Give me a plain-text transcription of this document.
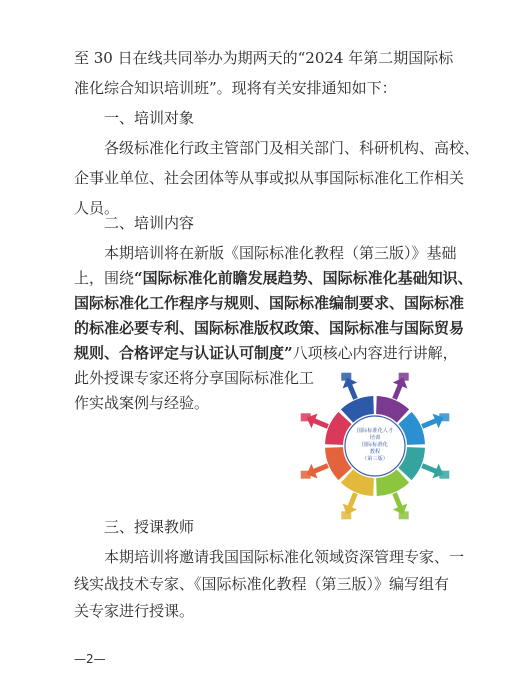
至 30 日在线共同举办为期两天的“2024 年第二期国际标
准化综合知识培训班”。现将有关安排通知如下：
一、培训对象
各级标准化行政主管部门及相关部门、科研机构、高校、
企事业单位、社会团体等从事或拟从事国际标准化工作相关
人员。
二、培训内容
本期培训将在新版《国际标准化教程（第三版）》基础
上，围绕“国际标准化前瞻发展趋势、国际标准化基础知识、
国际标准化工作程序与规则、国际标准编制要求、国际标准
的标准必要专利、国际标准版权政策、国际标准与国际贸易
规则、合格评定与认证认可制度”八项核心内容进行讲解，
此外授课专家还将分享国际标准化工
作实战案例与经验。
国际标准化人才
培训
国际标准化
教程
（第三版）
三、授课教师
本期培训将邀请我国国际标准化领域资深管理专家、一
线实战技术专家、《国际标准化教程（第三版）》编写组有
关专家进行授课。
—2—
